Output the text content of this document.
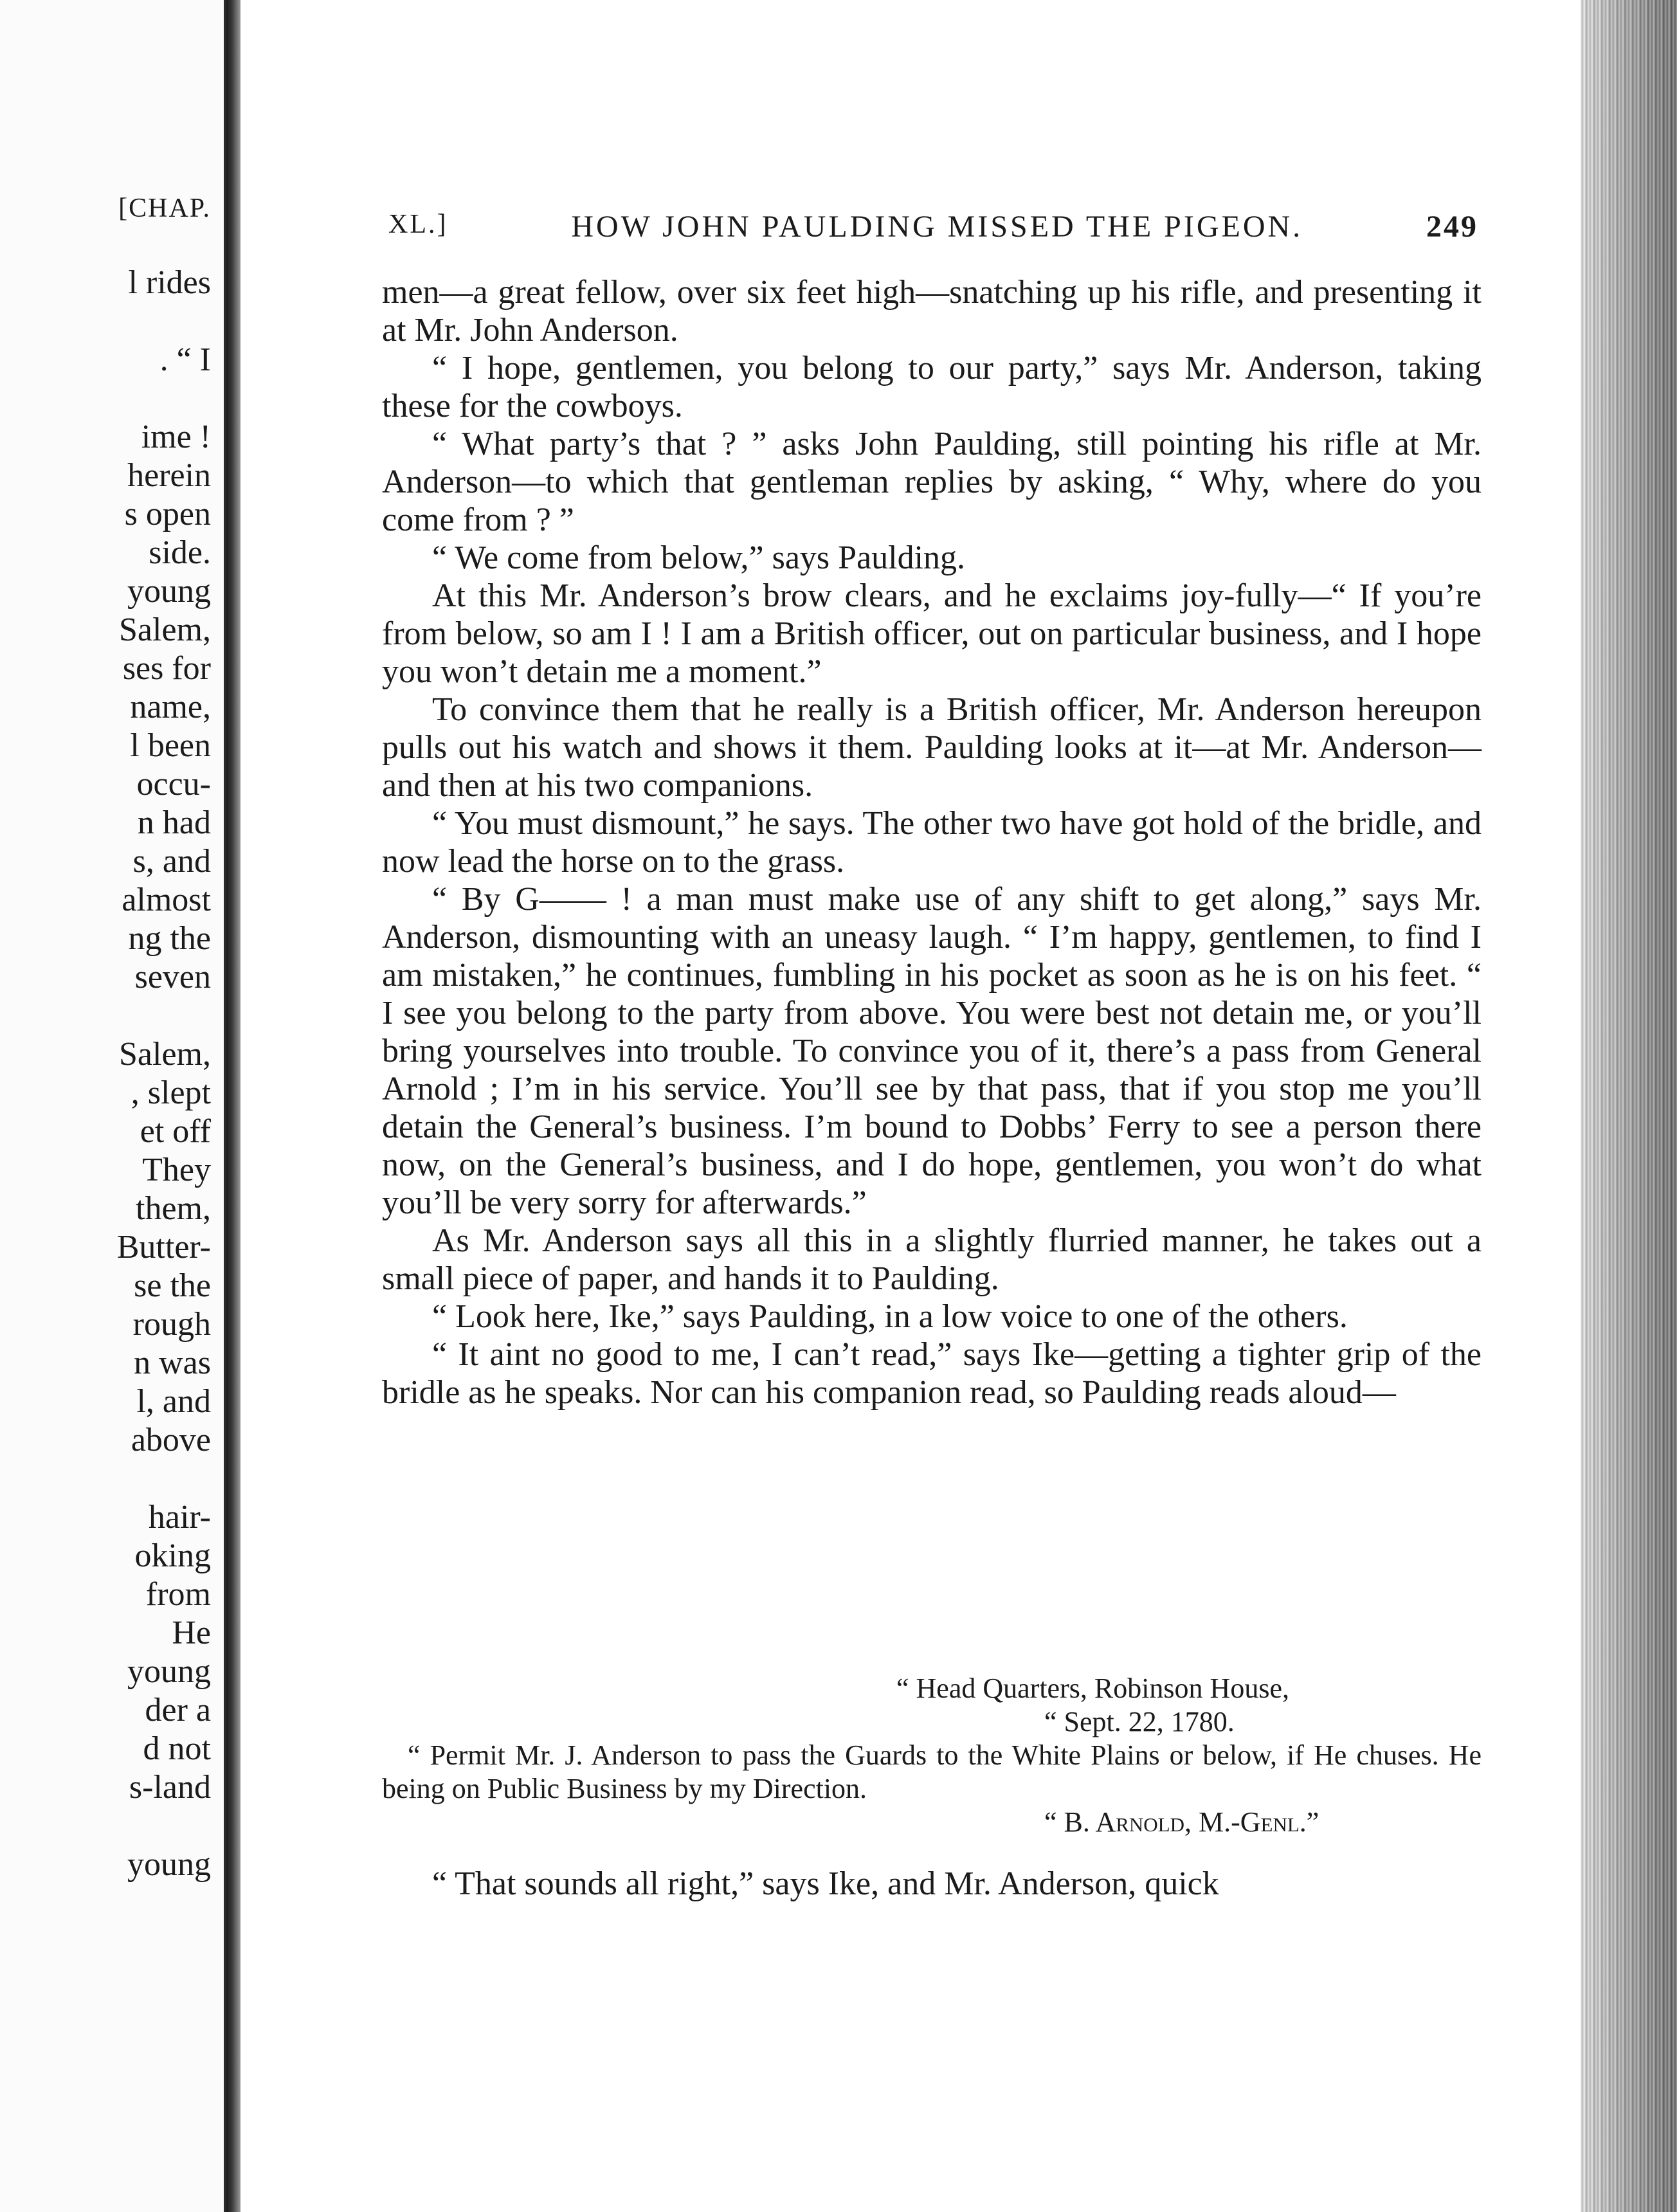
[CHAP.
l rides
. “ I
ime !
herein
s open
side.
young
Salem,
ses for
name,
l been
occu-
n had
s, and
almost
ng the
seven
Salem,
, slept
et off
They
them,
Butter-
se the
rough
n was
l, and
above
hair-
oking
from
He
young
der a
d not
s-land
young
XL.]	HOW JOHN PAULDING MISSED THE PIGEON.	249

men—a great fellow, over six feet high—snatching up his rifle, and presenting it at Mr. John Anderson.

“ I hope, gentlemen, you belong to our party,” says Mr. Anderson, taking these for the cowboys.

“ What party’s that ? ” asks John Paulding, still pointing his rifle at Mr. Anderson—to which that gentleman replies by asking, “ Why, where do you come from ? ”

“ We come from below,” says Paulding.

At this Mr. Anderson’s brow clears, and he exclaims joy-fully—“ If you’re from below, so am I ! I am a British officer, out on particular business, and I hope you won’t detain me a moment.”

To convince them that he really is a British officer, Mr. Anderson hereupon pulls out his watch and shows it them. Paulding looks at it—at Mr. Anderson—and then at his two companions.

“ You must dismount,” he says. The other two have got hold of the bridle, and now lead the horse on to the grass.

“ By G—— ! a man must make use of any shift to get along,” says Mr. Anderson, dismounting with an uneasy laugh. “ I’m happy, gentlemen, to find I am mistaken,” he continues, fumbling in his pocket as soon as he is on his feet. “ I see you belong to the party from above. You were best not detain me, or you’ll bring yourselves into trouble. To convince you of it, there’s a pass from General Arnold ; I’m in his service. You’ll see by that pass, that if you stop me you’ll detain the General’s business. I’m bound to Dobbs’ Ferry to see a person there now, on the General’s business, and I do hope, gentlemen, you won’t do what you’ll be very sorry for afterwards.”

As Mr. Anderson says all this in a slightly flurried manner, he takes out a small piece of paper, and hands it to Paulding.

“ Look here, Ike,” says Paulding, in a low voice to one of the others.

“ It aint no good to me, I can’t read,” says Ike—getting a tighter grip of the bridle as he speaks. Nor can his companion read, so Paulding reads aloud—

“ Head Quarters, Robinson House,
“ Sept. 22, 1780.
“ Permit Mr. J. Anderson to pass the Guards to the White Plains or below, if He chuses. He being on Public Business by my Direction.
“ B. Arnold, M.-Genl.”
“ That sounds all right,” says Ike, and Mr. Anderson, quick
